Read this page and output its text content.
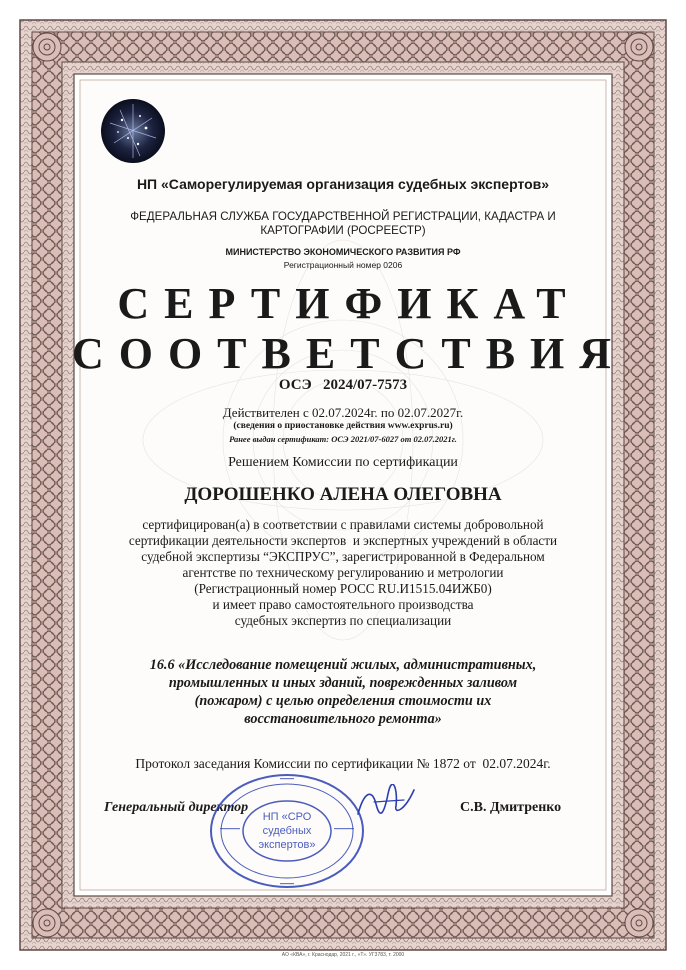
НП «Саморегулируемая организация судебных экспертов»
ФЕДЕРАЛЬНАЯ СЛУЖБА ГОСУДАРСТВЕННОЙ РЕГИСТРАЦИИ, КАДАСТРА И КАРТОГРАФИИ (РОСРЕЕСТР)
МИНИСТЕРСТВО ЭКОНОМИЧЕСКОГО РАЗВИТИЯ РФ
Регистрационный номер 0206
СЕРТИФИКАТ
СООТВЕТСТВИЯ
ОСЭ   2024/07-7573
Действителен с 02.07.2024г. по 02.07.2027г.
(сведения о приостановке действия www.exprus.ru)
Ранее выдан сертификат: ОСЭ 2021/07-6027 от 02.07.2021г.
Решением Комиссии по сертификации
ДОРОШЕНКО АЛЕНА ОЛЕГОВНА
сертифицирован(а) в соответствии с правилами системы добровольной
сертификации деятельности экспертов  и экспертных учреждений в области
судебной экспертизы “ЭКСПРУС”, зарегистрированной в Федеральном
агентстве по техническому регулированию и метрологии
(Регистрационный номер РОСС RU.И1515.04ИЖБ0)
и имеет право самостоятельного производства
судебных экспертиз по специализации
16.6 «Исследование помещений жилых, административных,
промышленных и иных зданий, поврежденных заливом
(пожаром) с целью определения стоимости их
восстановительного ремонта»
Протокол заседания Комиссии по сертификации № 1872 от  02.07.2024г.
Генеральный директор	С.В. Дмитренко
НП «СРО
судебных
экспертов»
АО «КВА», г. Краснодар, 2021 г., «Т». УГ3783, т. 2000
